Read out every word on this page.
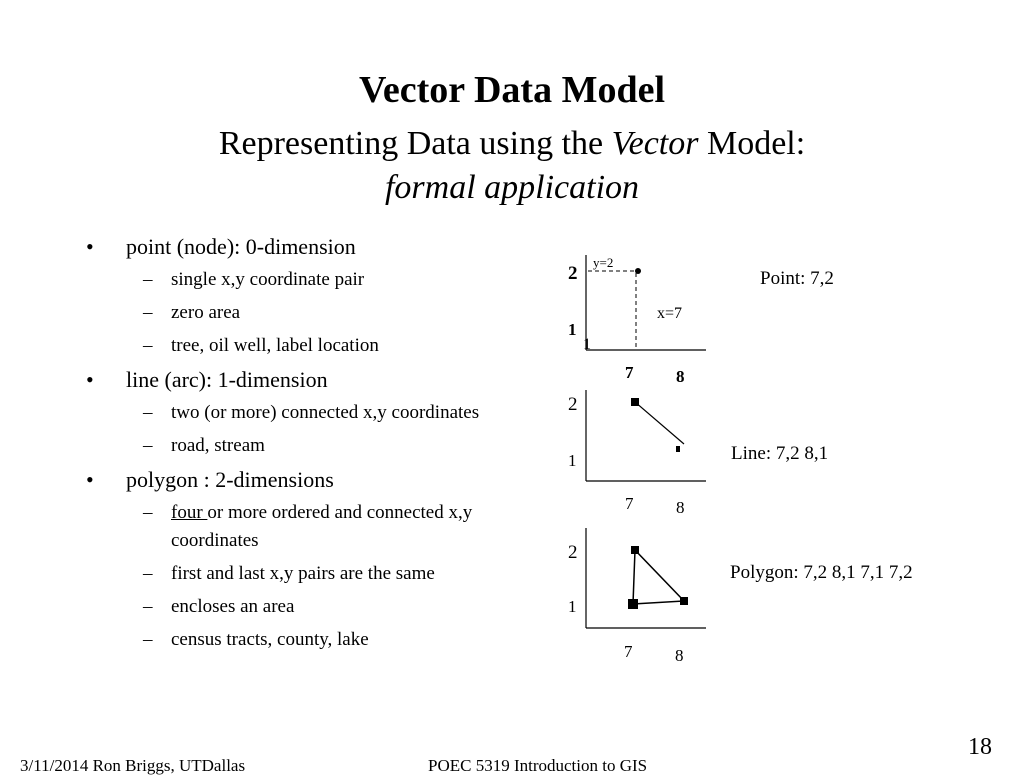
Vector Data Model
Representing Data using the Vector Model:
formal application
• point (node): 0-dimension
– single x,y coordinate pair
– zero area
– tree, oil well, label location
• line (arc): 1-dimension
– two (or more) connected x,y coordinates
– road, stream
• polygon : 2-dimensions
– four or more ordered and connected x,y coordinates
– first and last x,y pairs are the same
– encloses an area
– census tracts, county, lake
y=2
x=7
2
1
1
7	8
Point: 7,2
2
1
7	8
Line: 7,2 8,1
2
1
7	8
Polygon: 7,2 8,1 7,1 7,2
3/11/2014 Ron Briggs, UTDallas	POEC 5319 Introduction to GIS
18
